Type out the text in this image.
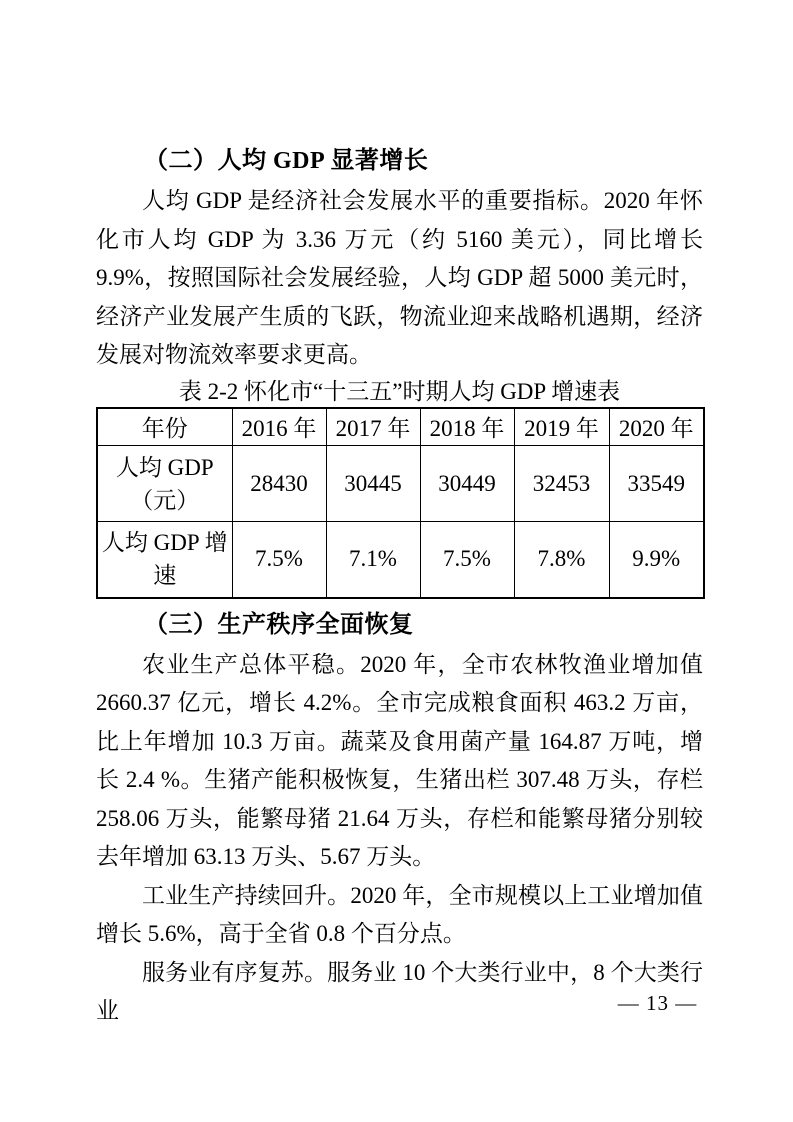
（二）人均 GDP 显著增长

人均 GDP 是经济社会发展水平的重要指标。2020 年怀化市人均 GDP 为 3.36 万元（约 5160 美元），同比增长 9.9%，按照国际社会发展经验，人均 GDP 超 5000 美元时，经济产业发展产生质的飞跃，物流业迎来战略机遇期，经济发展对物流效率要求更高。

表 2-2 怀化市“十三五”时期人均 GDP 增速表
年份	2016 年	2017 年	2018 年	2019 年	2020 年

人均 GDP
（元）	28430	30445	30449	32453	33549

人均 GDP 增
速	7.5%	7.1%	7.5%	7.8%	9.9%
（三）生产秩序全面恢复

农业生产总体平稳。2020 年，全市农林牧渔业增加值 2660.37 亿元，增长 4.2%。全市完成粮食面积 463.2 万亩，比上年增加 10.3 万亩。蔬菜及食用菌产量 164.87 万吨，增长 2.4 %。生猪产能积极恢复，生猪出栏 307.48 万头，存栏 258.06 万头，能繁母猪 21.64 万头，存栏和能繁母猪分别较去年增加 63.13 万头、5.67 万头。

工业生产持续回升。2020 年，全市规模以上工业增加值增长 5.6%，高于全省 0.8 个百分点。

服务业有序复苏。服务业 10 个大类行业中，8 个大类行业	— 13 —
